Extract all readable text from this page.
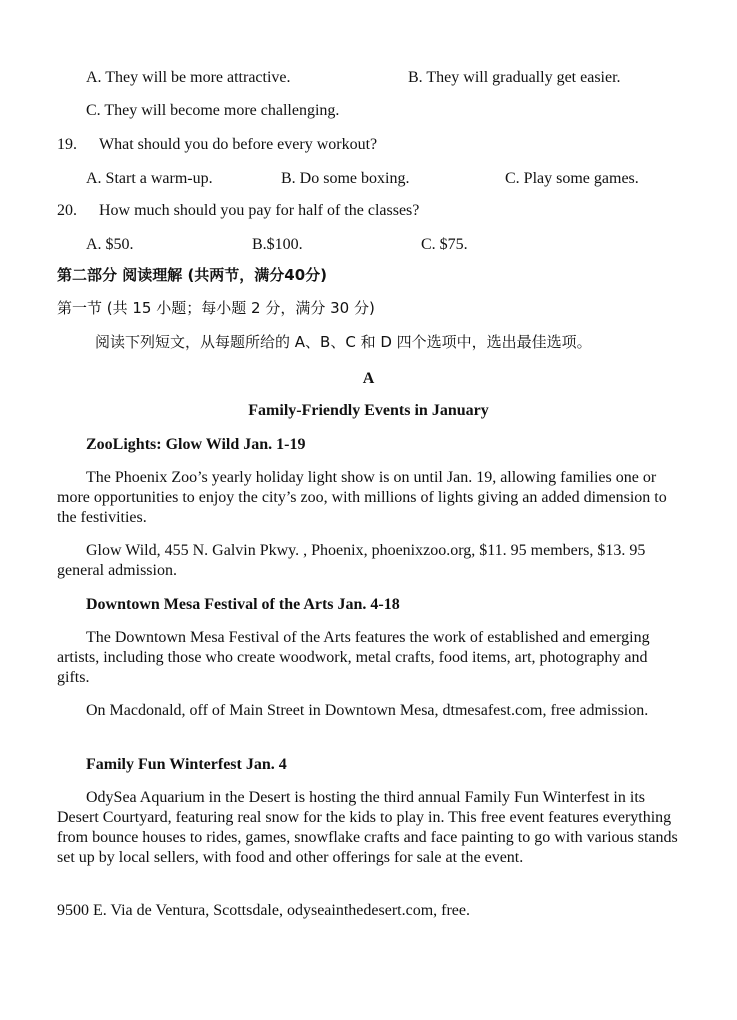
A. They will be more attractive.	B. They will gradually get easier.
C. They will become more challenging.
19. What should you do before every workout?
A. Start a warm-up.	B. Do some boxing.	C. Play some games.
20. How much should you pay for half of the classes?
A. $50.	B.$100.	C. $75.
第二部分 阅读理解 (共两节，满分40分)
第一节 (共 15 小题；每小题 2 分，满分 30 分)
阅读下列短文，从每题所给的 A、B、C 和 D 四个选项中，选出最佳选项。
A
Family-Friendly Events in January
ZooLights: Glow Wild Jan. 1-19
The Phoenix Zoo’s yearly holiday light show is on until Jan. 19, allowing families one or more opportunities to enjoy the city’s zoo, with millions of lights giving an added dimension to the festivities.
Glow Wild, 455 N. Galvin Pkwy. , Phoenix, phoenixzoo.org, $11. 95 members, $13. 95 general admission.
Downtown Mesa Festival of the Arts Jan. 4-18
The Downtown Mesa Festival of the Arts features the work of established and emerging artists, including those who create woodwork, metal crafts, food items, art, photography and gifts.
On Macdonald, off of Main Street in Downtown Mesa, dtmesafest.com, free admission.
Family Fun Winterfest Jan. 4
OdySea Aquarium in the Desert is hosting the third annual Family Fun Winterfest in its Desert Courtyard, featuring real snow for the kids to play in. This free event features everything from bounce houses to rides, games, snowflake crafts and face painting to go with various stands set up by local sellers, with food and other offerings for sale at the event.
9500 E. Via de Ventura, Scottsdale, odyseainthedesert.com, free.
